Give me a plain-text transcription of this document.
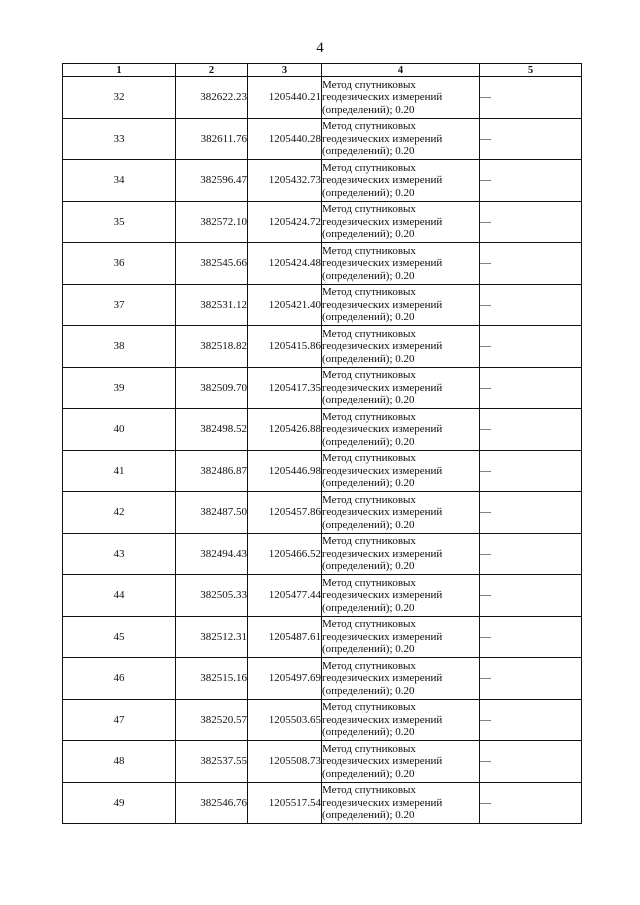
4
1	2	3	4	5
32	382622.23	1205440.21	Метод спутниковых
геодезических измерений
(определений); 0.20	—
33	382611.76	1205440.28	Метод спутниковых
геодезических измерений
(определений); 0.20	—
34	382596.47	1205432.73	Метод спутниковых
геодезических измерений
(определений); 0.20	—
35	382572.10	1205424.72	Метод спутниковых
геодезических измерений
(определений); 0.20	—
36	382545.66	1205424.48	Метод спутниковых
геодезических измерений
(определений); 0.20	—
37	382531.12	1205421.40	Метод спутниковых
геодезических измерений
(определений); 0.20	—
38	382518.82	1205415.86	Метод спутниковых
геодезических измерений
(определений); 0.20	—
39	382509.70	1205417.35	Метод спутниковых
геодезических измерений
(определений); 0.20	—
40	382498.52	1205426.88	Метод спутниковых
геодезических измерений
(определений); 0.20	—
41	382486.87	1205446.98	Метод спутниковых
геодезических измерений
(определений); 0.20	—
42	382487.50	1205457.86	Метод спутниковых
геодезических измерений
(определений); 0.20	—
43	382494.43	1205466.52	Метод спутниковых
геодезических измерений
(определений); 0.20	—
44	382505.33	1205477.44	Метод спутниковых
геодезических измерений
(определений); 0.20	—
45	382512.31	1205487.61	Метод спутниковых
геодезических измерений
(определений); 0.20	—
46	382515.16	1205497.69	Метод спутниковых
геодезических измерений
(определений); 0.20	—
47	382520.57	1205503.65	Метод спутниковых
геодезических измерений
(определений); 0.20	—
48	382537.55	1205508.73	Метод спутниковых
геодезических измерений
(определений); 0.20	—
49	382546.76	1205517.54	Метод спутниковых
геодезических измерений
(определений); 0.20	—
